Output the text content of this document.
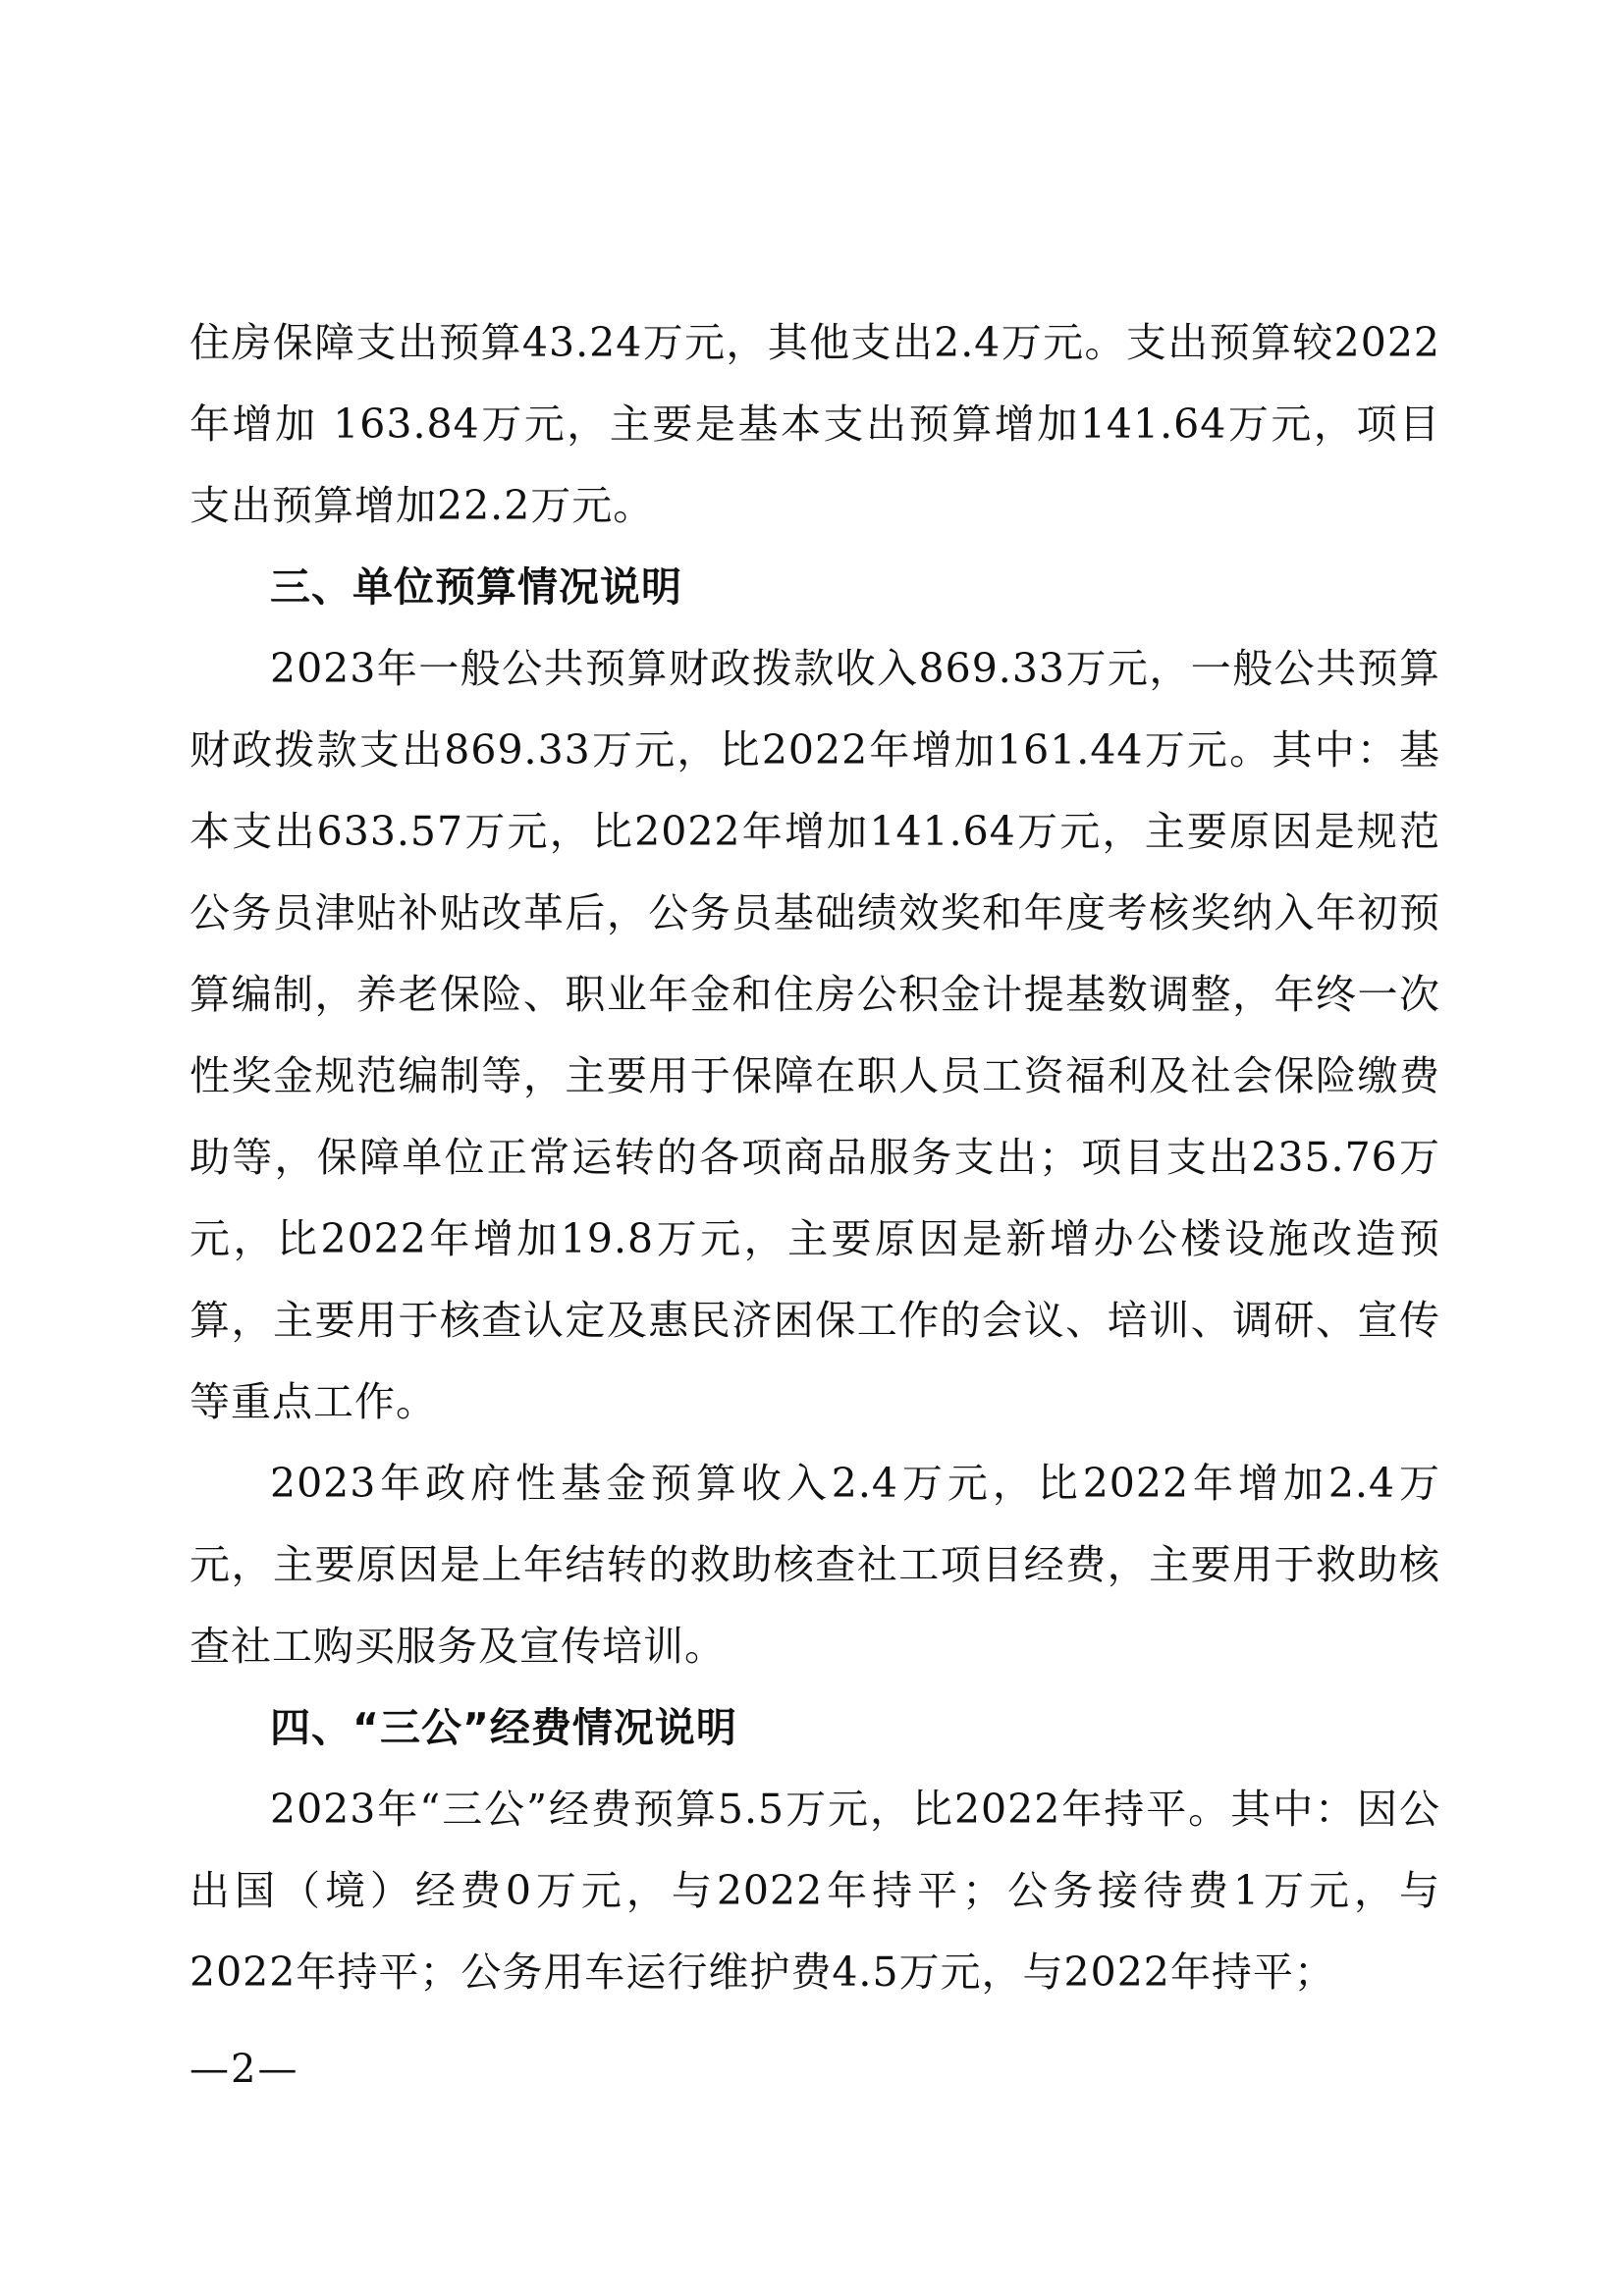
住房保障支出预算43.24万元，其他支出2.4万元。支出预算较2022年增加 163.84万元，主要是基本支出预算增加141.64万元，项目支出预算增加22.2万元。

三、单位预算情况说明

2023年一般公共预算财政拨款收入869.33万元，一般公共预算财政拨款支出869.33万元，比2022年增加161.44万元。其中：基本支出633.57万元，比2022年增加141.64万元，主要原因是规范公务员津贴补贴改革后，公务员基础绩效奖和年度考核奖纳入年初预算编制，养老保险、职业年金和住房公积金计提基数调整，年终一次性奖金规范编制等，主要用于保障在职人员工资福利及社会保险缴费助等，保障单位正常运转的各项商品服务支出；项目支出235.76万元，比2022年增加19.8万元，主要原因是新增办公楼设施改造预算，主要用于核查认定及惠民济困保工作的会议、培训、调研、宣传等重点工作。

2023年政府性基金预算收入2.4万元，比2022年增加2.4万元，主要原因是上年结转的救助核查社工项目经费，主要用于救助核查社工购买服务及宣传培训。

四、“三公”经费情况说明

2023年“三公”经费预算5.5万元，比2022年持平。其中：因公出国（境）经费0万元，与2022年持平；公务接待费1万元，与2022年持平；公务用车运行维护费4.5万元，与2022年持平；

—2—
